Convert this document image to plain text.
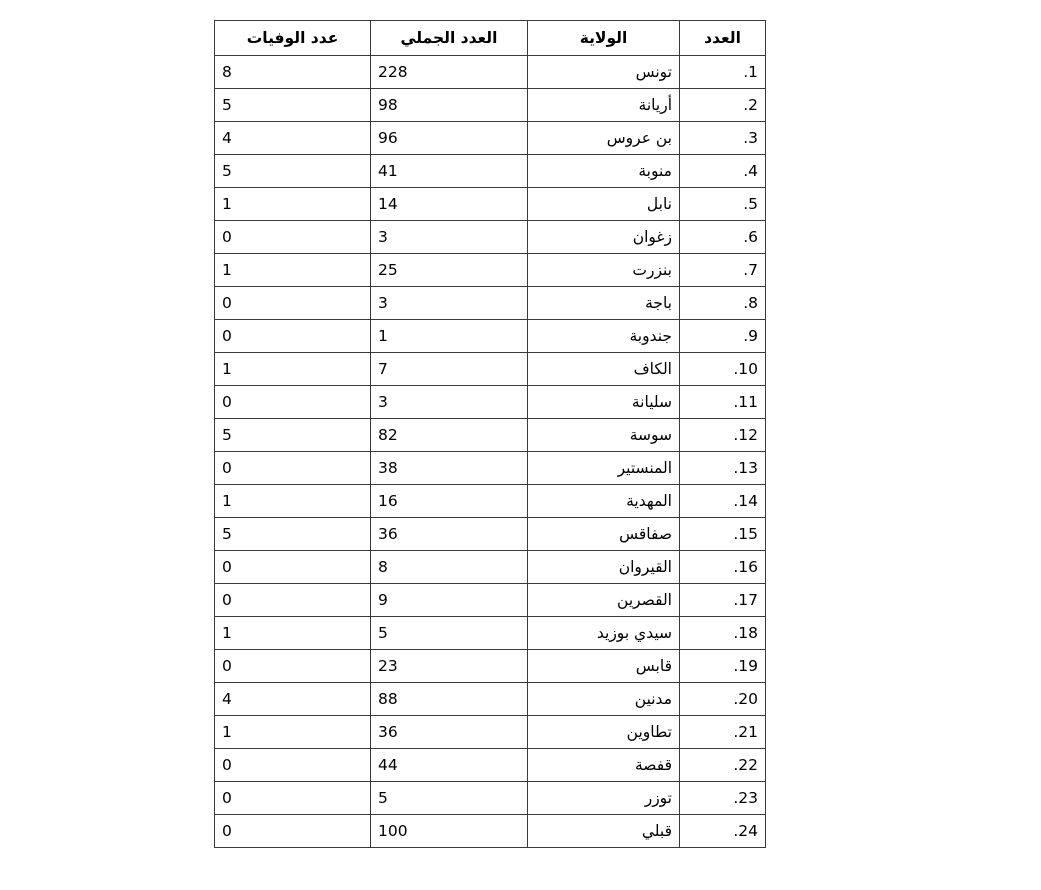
العدد	الولاية	العدد الجملي	عدد الوفيات
1.	تونس	228	8
2.	أريانة	98	5
3.	بن عروس	96	4
4.	منوبة	41	5
5.	نابل	14	1
6.	زغوان	3	0
7.	بنزرت	25	1
8.	باجة	3	0
9.	جندوبة	1	0
10.	الكاف	7	1
11.	سليانة	3	0
12.	سوسة	82	5
13.	المنستير	38	0
14.	المهدية	16	1
15.	صفاقس	36	5
16.	القيروان	8	0
17.	القصرين	9	0
18.	سيدي بوزيد	5	1
19.	قابس	23	0
20.	مدنين	88	4
21.	تطاوين	36	1
22.	قفصة	44	0
23.	توزر	5	0
24.	قبلي	100	0
